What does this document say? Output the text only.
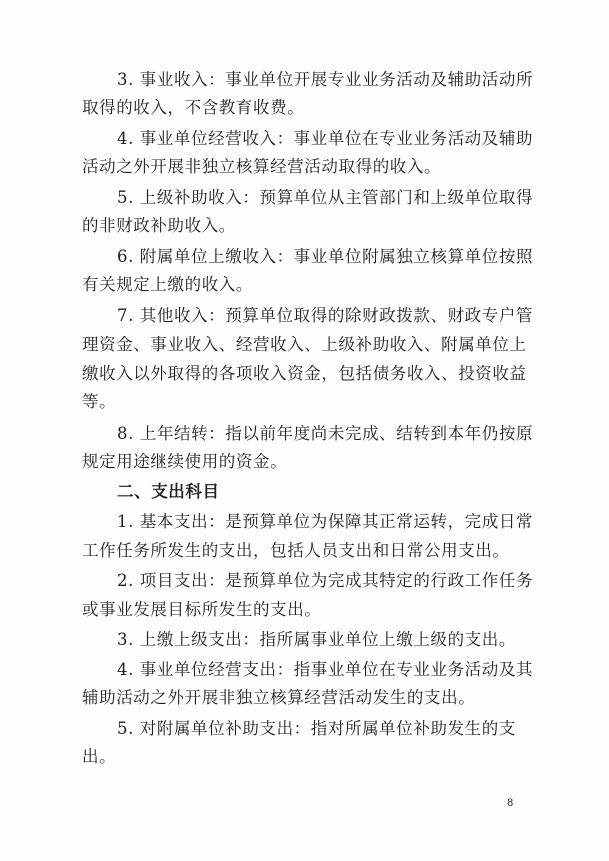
3. 事业收入：事业单位开展专业业务活动及辅助活动所
取得的收入，不含教育收费。
4. 事业单位经营收入：事业单位在专业业务活动及辅助
活动之外开展非独立核算经营活动取得的收入。
5. 上级补助收入：预算单位从主管部门和上级单位取得
的非财政补助收入。
6. 附属单位上缴收入：事业单位附属独立核算单位按照
有关规定上缴的收入。
7. 其他收入：预算单位取得的除财政拨款、财政专户管
理资金、事业收入、经营收入、上级补助收入、附属单位上
缴收入以外取得的各项收入资金，包括债务收入、投资收益
等。
8. 上年结转：指以前年度尚未完成、结转到本年仍按原
规定用途继续使用的资金。
二、支出科目
1. 基本支出：是预算单位为保障其正常运转，完成日常
工作任务所发生的支出，包括人员支出和日常公用支出。
2. 项目支出：是预算单位为完成其特定的行政工作任务
或事业发展目标所发生的支出。
3. 上缴上级支出：指所属事业单位上缴上级的支出。
4. 事业单位经营支出：指事业单位在专业业务活动及其
辅助活动之外开展非独立核算经营活动发生的支出。
5. 对附属单位补助支出：指对所属单位补助发生的支
出。
8
